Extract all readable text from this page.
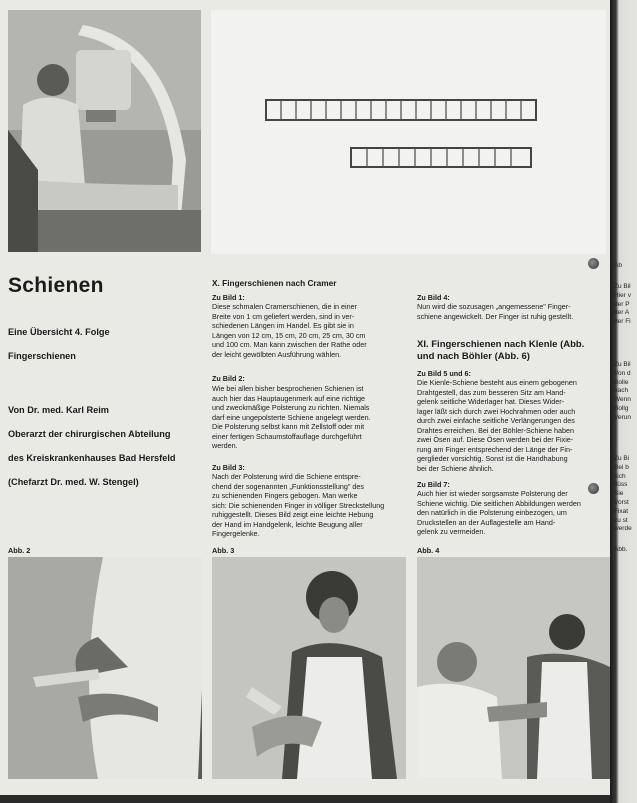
Schienen
Eine Übersicht 4. Folge
Fingerschienen
Von Dr. med. Karl Reim
Oberarzt der chirurgischen Abteilung
des Kreiskrankenhauses Bad Hersfeld
(Chefarzt Dr. med. W. Stengel)
X. Fingerschienen nach Cramer
Zu Bild 1:
Diese schmalen Cramerschienen, die in einer
Breite von 1 cm geliefert werden, sind in ver-
schiedenen Längen im Handel. Es gibt sie in
Längen von 12 cm, 15 cm, 20 cm, 25 cm, 30 cm
und 100 cm. Man kann zwischen der Rathe oder
der leicht gewölbten Ausführung wählen.
Zu Bild 2:
Wie bei allen bisher besprochenen Schienen ist
auch hier das Hauptaugenmerk auf eine richtige
und zweckmäßige Polsterung zu richten. Niemals
darf eine ungepolsterte Schiene angelegt werden.
Die Polsterung selbst kann mit Zellstoff oder mit
einer fertigen Schaumstoffauflage durchgeführt
werden.
Zu Bild 3:
Nach der Polsterung wird die Schiene entspre-
chend der sogenannten „Funktionsstellung" des
zu schienenden Fingers gebogen. Man werke
sich: Die schienenden Finger in völliger Streckstellung
ruhiggestellt. Dieses Bild zeigt eine leichte Hebung
der Hand im Handgelenk, leichte Beugung aller
Fingergelenke.
Zu Bild 4:
Nun wird die sozusagen „angemessene" Finger-
schiene angewickelt. Der Finger ist ruhig gestellt.
XI. Fingerschienen nach Klenle (Abb.
und nach Böhler (Abb. 6)
Zu Bild 5 und 6:
Die Kienle-Schiene besteht aus einem gebogenen
Drahtgestell, das zum besseren Sitz am Hand-
gelenk seitliche Widerlager hat. Dieses Wider-
lager läßt sich durch zwei Hochrahmen oder auch
durch zwei einfache seitliche Verlängerungen des
Drahtes erreichen. Bei der Böhler-Schiene haben
zwei Ösen auf. Diese Ösen werden bei der Fixie-
rung am Finger entsprechend der Länge der Fin-
gerglieder vorsichtig. Sonst ist die Handhabung
bei der Schiene ähnlich.
Zu Bild 7:
Auch hier ist wieder sorgsamste Polsterung der
Schiene wichtig. Die seitlichen Abbildungen werden
den natürlich in die Polsterung einbezogen, um
Druckstellen an der Auflagestelle am Hand-
gelenk zu vermeiden.
Abb. 2	Abb. 3	Abb. 4
Ab
Zu Bil
Hier v
der P
der A
der Fi
Zu Bil
Von d
Bolle
nach
Wenn
Bollg
Verun
Zu Bi
Bei b
sich
flüss
Sie
Vorst
Fixat
zu st
werde
Abb.
